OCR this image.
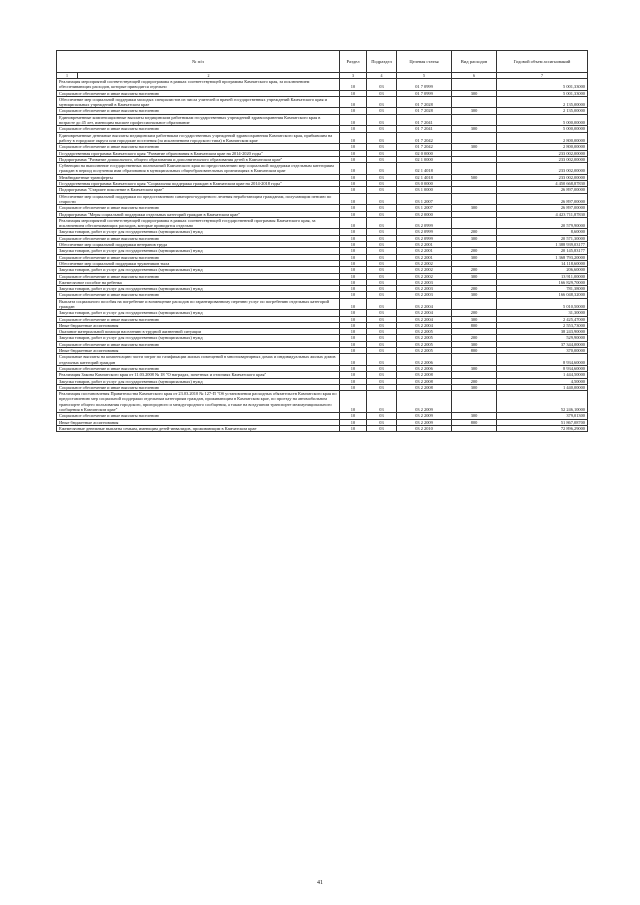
№ п/п	Раздел	Подраздел	Целевая статья	Вид расходов	Годовой объем ассигнований

1 2	3	4	5	6	7
Реализация мероприятий соответствующей подпрограммы в рамках соответствующей программы Камчатского края, за исключением обеспечивающих расходов, которые приводятся отдельно	10	03	01 7 0999		5 001,33000
Социальное обеспечение и иные выплаты населению	10	03	01 7 0999	300	5 001,33000
Обеспечение мер социальной поддержки молодых специалистов из числа учителей и врачей государственных учреждений Камчатского края и муниципальных учреждений в Камчатском крае	10	03	01 7 2028		2 135,00000
Социальное обеспечение и иные выплаты населению	10	03	01 7 2028	300	2 135,00000
Единовременные компенсационные выплаты медицинским работникам государственных учреждений здравоохранения Камчатского края в возрасте до 45 лет, имеющим высшее профессиональное образование	10	03	01 7 2041		5 000,00000
Социальное обеспечение и иные выплаты населению	10	03	01 7 2041	300	5 000,00000
Единовременные денежные выплаты медицинским работникам государственных учреждений здравоохранения Камчатского края, прибывшим на работу в городские округа или городские поселения (за исключением городского типа) в Камчатском крае	10	03	01 7 2042		2 800,00000
Социальное обеспечение и иные выплаты населению	10	03	01 7 2042	300	2 800,00000
Государственная программа Камчатского края "Развитие образования в Камчатском крае на 2014-2020 годы"	10	03	02 0 0000		233 002,00000
Подпрограмма "Развитие дошкольного, общего образования и дополнительного образования детей в Камчатском крае"	10	03	02 1 0000		233 002,00000
Субвенции на выполнение государственных полномочий Камчатского края по предоставлению мер социальной поддержки отдельным категориям граждан в период получения ими образования в муниципальных общеобразовательных организациях в Камчатском крае	10	03	02 1 4018		233 002,00000
Межбюджетные трансферты	10	03	02 1 4018	500	233 002,00000
Государственная программа Камчатского края "Социальная поддержка граждан в Камчатском крае на 2014-2018 годы"	10	03	03 0 0000		4 450 668,87830
Подпрограмма "Старшее поколение в Камчатском крае"	10	03	03 1 0000		26 897,00000
Обеспечение мер социальной поддержки по предоставлению санаторно-курортного лечения неработающим гражданам, получающим пенсию по старости	10	03	03 1 2007		26 897,00000
Социальное обеспечение и иные выплаты населению	10	03	03 1 2007	300	26 897,00000
Подпрограмма "Меры социальной поддержки отдельных категорий граждан в Камчатском крае"	10	03	03 2 0000		4 423 711,87830
Реализация мероприятий соответствующей подпрограммы в рамках соответствующей государственной программы Камчатского края, за исключением обеспечивающих расходов, которые приводятся отдельно	10	03	03 2 0999		20 579,90000
Закупка товаров, работ и услуг для государственных (муниципальных) нужд	10	03	03 2 0999	200	8,60000
Социальное обеспечение и иные выплаты населению	10	03	03 2 0999	300	20 571,30000
Обеспечение мер социальной поддержки ветеранов труда	10	03	03 2 2001		1 388 939,03177
Закупка товаров, работ и услуг для государственных (муниципальных) нужд	10	03	03 2 2001	200	20 145,83177
Социальное обеспечение и иные выплаты населению	10	03	03 2 2001	300	1 368 793,20000
Обеспечение мер социальной поддержки тружеников тыла	10	03	03 2 2002		14 118,60000
Закупка товаров, работ и услуг для государственных (муниципальных) нужд	10	03	03 2 2002	200	206,60000
Социальное обеспечение и иные выплаты населению	10	03	03 2 2002	300	13 911,00000
Ежемесячное пособие на ребенка	10	03	03 2 2003		166 829,70000
Закупка товаров, работ и услуг для государственных (муниципальных) нужд	10	03	03 2 2003	200	781,38000
Социальное обеспечение и иные выплаты населению	10	03	03 2 2003	300	166 048,32000
Выплата социального пособия на погребение и возмещение расходов по гарантированному перечню услуг по погребению отдельных категорий граждан	10	03	03 2 2004		5 010,50000
Закупка товаров, работ и услуг для государственных (муниципальных) нужд	10	03	03 2 2004	200	31,30000
Социальное обеспечение и иные выплаты населению	10	03	03 2 2004	300	2 425,47000
Иные бюджетные ассигнования	10	03	03 2 2004	800	2 553,73000
Оказание материальной помощи населению в трудной жизненной ситуации	10	03	03 2 2005		38 243,90000
Закупка товаров, работ и услуг для государственных (муниципальных) нужд	10	03	03 2 2005	200	529,90000
Социальное обеспечение и иные выплаты населению	10	03	03 2 2005	300	37 344,00000
Иные бюджетные ассигнования	10	03	03 2 2005	800	370,00000
Социальные выплаты на компенсацию части затрат по газификации жилых помещений в многоквартирных домах и индивидуальных жилых домов отдельных категорий граждан	10	03	03 2 2006		8 934,60000
Социальное обеспечение и иные выплаты населению	10	03	03 2 2006	300	8 934,60000
Реализация Закона Камчатского края от 11.03.2008 № 18 "О наградах, почетных и отличиях Камчатского края"	10	03	03 2 2008		1 444,50000
Закупка товаров, работ и услуг для государственных (муниципальных) нужд	10	03	03 2 2008	200	4,50000
Социальное обеспечение и иные выплаты населению	10	03	03 2 2008	300	1 440,00000
Реализация постановления Правительства Камчатского края от 23.03.2010 № 127-П "Об установлении расходных обязательств Камчатского края по предоставлению мер социальной поддержки отдельным категориям граждан, проживающим в Камчатском крае, по проезду на автомобильном транспорте общего пользования городского, пригородного и междугородного сообщения, а также на воздушном транспорте межмуниципального сообщения в Камчатском крае"	10	03	03 2 2009		52 246,10000
Социальное обеспечение и иные выплаты населению	10	03	03 2 2009	300	379,01300
Иные бюджетные ассигнования	10	03	03 2 2009	800	51 867,08700
Ежемесячные денежные выплаты семьям, имеющим детей-инвалидов, проживающим в Камчатском крае	10	03	03 2 2010		72 896,29000
41
